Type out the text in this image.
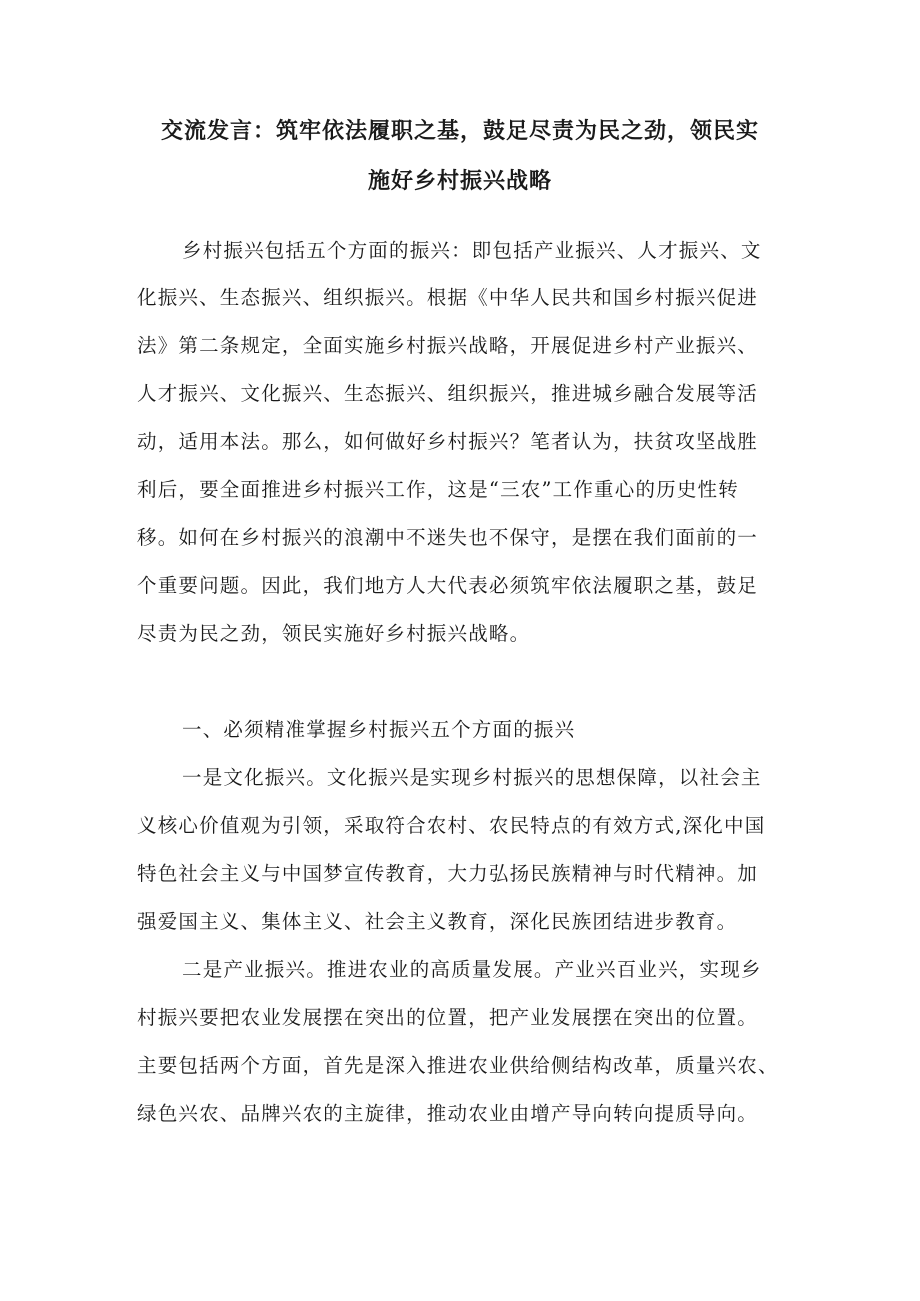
交流发言：筑牢依法履职之基，鼓足尽责为民之劲，领民实
施好乡村振兴战略
乡村振兴包括五个方面的振兴：即包括产业振兴、人才振兴、文
化振兴、生态振兴、组织振兴。根据《中华人民共和国乡村振兴促进
法》第二条规定，全面实施乡村振兴战略，开展促进乡村产业振兴、
人才振兴、文化振兴、生态振兴、组织振兴，推进城乡融合发展等活
动，适用本法。那么，如何做好乡村振兴？笔者认为，扶贫攻坚战胜
利后，要全面推进乡村振兴工作，这是“三农”工作重心的历史性转
移。如何在乡村振兴的浪潮中不迷失也不保守，是摆在我们面前的一
个重要问题。因此，我们地方人大代表必须筑牢依法履职之基，鼓足
尽责为民之劲，领民实施好乡村振兴战略。
一、必须精准掌握乡村振兴五个方面的振兴
一是文化振兴。文化振兴是实现乡村振兴的思想保障，以社会主
义核心价值观为引领，采取符合农村、农民特点的有效方式,深化中国
特色社会主义与中国梦宣传教育，大力弘扬民族精神与时代精神。加
强爱国主义、集体主义、社会主义教育，深化民族团结进步教育。
二是产业振兴。推进农业的高质量发展。产业兴百业兴，实现乡
村振兴要把农业发展摆在突出的位置，把产业发展摆在突出的位置。
主要包括两个方面，首先是深入推进农业供给侧结构改革，质量兴农、
绿色兴农、品牌兴农的主旋律，推动农业由增产导向转向提质导向。
